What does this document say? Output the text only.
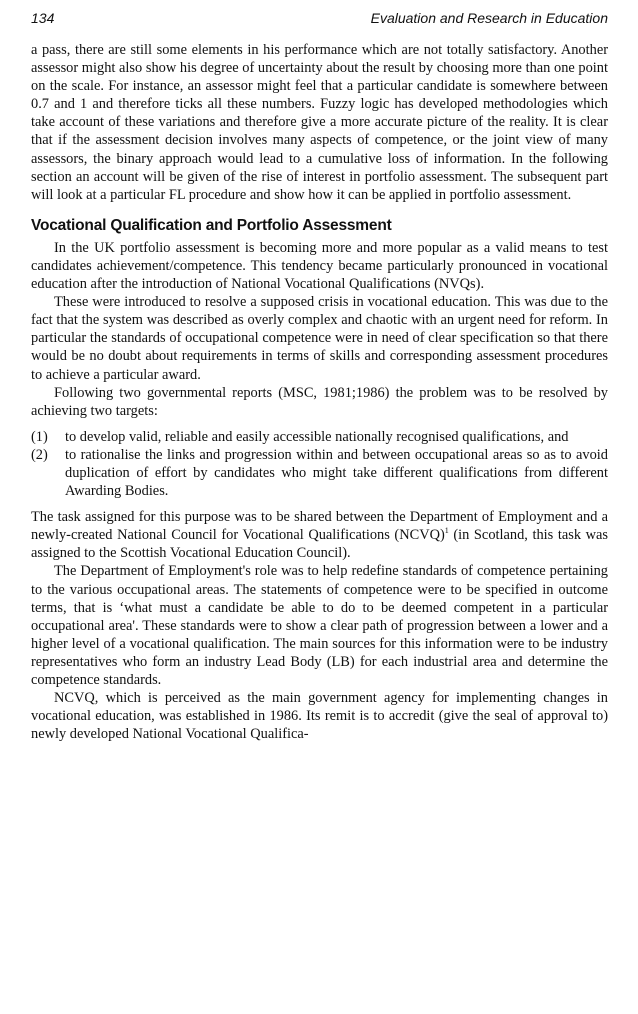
134	Evaluation and Research in Education

a pass, there are still some elements in his performance which are not totally satisfactory. Another assessor might also show his degree of uncertainty about the result by choosing more than one point on the scale. For instance, an assessor might feel that a particular candidate is somewhere between 0.7 and 1 and therefore ticks all these numbers. Fuzzy logic has developed methodologies which take account of these variations and therefore give a more accurate picture of the reality. It is clear that if the assessment decision involves many aspects of competence, or the joint view of many assessors, the binary approach would lead to a cumulative loss of information. In the following section an account will be given of the rise of interest in portfolio assessment. The subsequent part will look at a particular FL procedure and show how it can be applied in portfolio assessment.

Vocational Qualification and Portfolio Assessment

In the UK portfolio assessment is becoming more and more popular as a valid means to test candidates achievement/competence. This tendency became particularly pronounced in vocational education after the introduction of National Vocational Qualifications (NVQs).

These were introduced to resolve a supposed crisis in vocational education. This was due to the fact that the system was described as overly complex and chaotic with an urgent need for reform. In particular the standards of occupational competence were in need of clear specification so that there would be no doubt about requirements in terms of skills and corresponding assessment procedures to achieve a particular award.

Following two governmental reports (MSC, 1981;1986) the problem was to be resolved by achieving two targets:

(1) to develop valid, reliable and easily accessible nationally recognised qualifications, and
(2) to rationalise the links and progression within and between occupational areas so as to avoid duplication of effort by candidates who might take different qualifications from different Awarding Bodies.

The task assigned for this purpose was to be shared between the Department of Employment and a newly-created National Council for Vocational Qualifications (NCVQ)$^1$ (in Scotland, this task was assigned to the Scottish Vocational Education Council).

The Department of Employment's role was to help redefine standards of competence pertaining to the various occupational areas. The statements of competence were to be specified in outcome terms, that is ‘what must a candidate be able to do to be deemed competent in a particular occupational area'. These standards were to show a clear path of progression between a lower and a higher level of a vocational qualification. The main sources for this information were to be industry representatives who form an industry Lead Body (LB) for each industrial area and determine the competence standards.

NCVQ, which is perceived as the main government agency for implementing changes in vocational education, was established in 1986. Its remit is to accredit (give the seal of approval to) newly developed National Vocational Qualifica-
